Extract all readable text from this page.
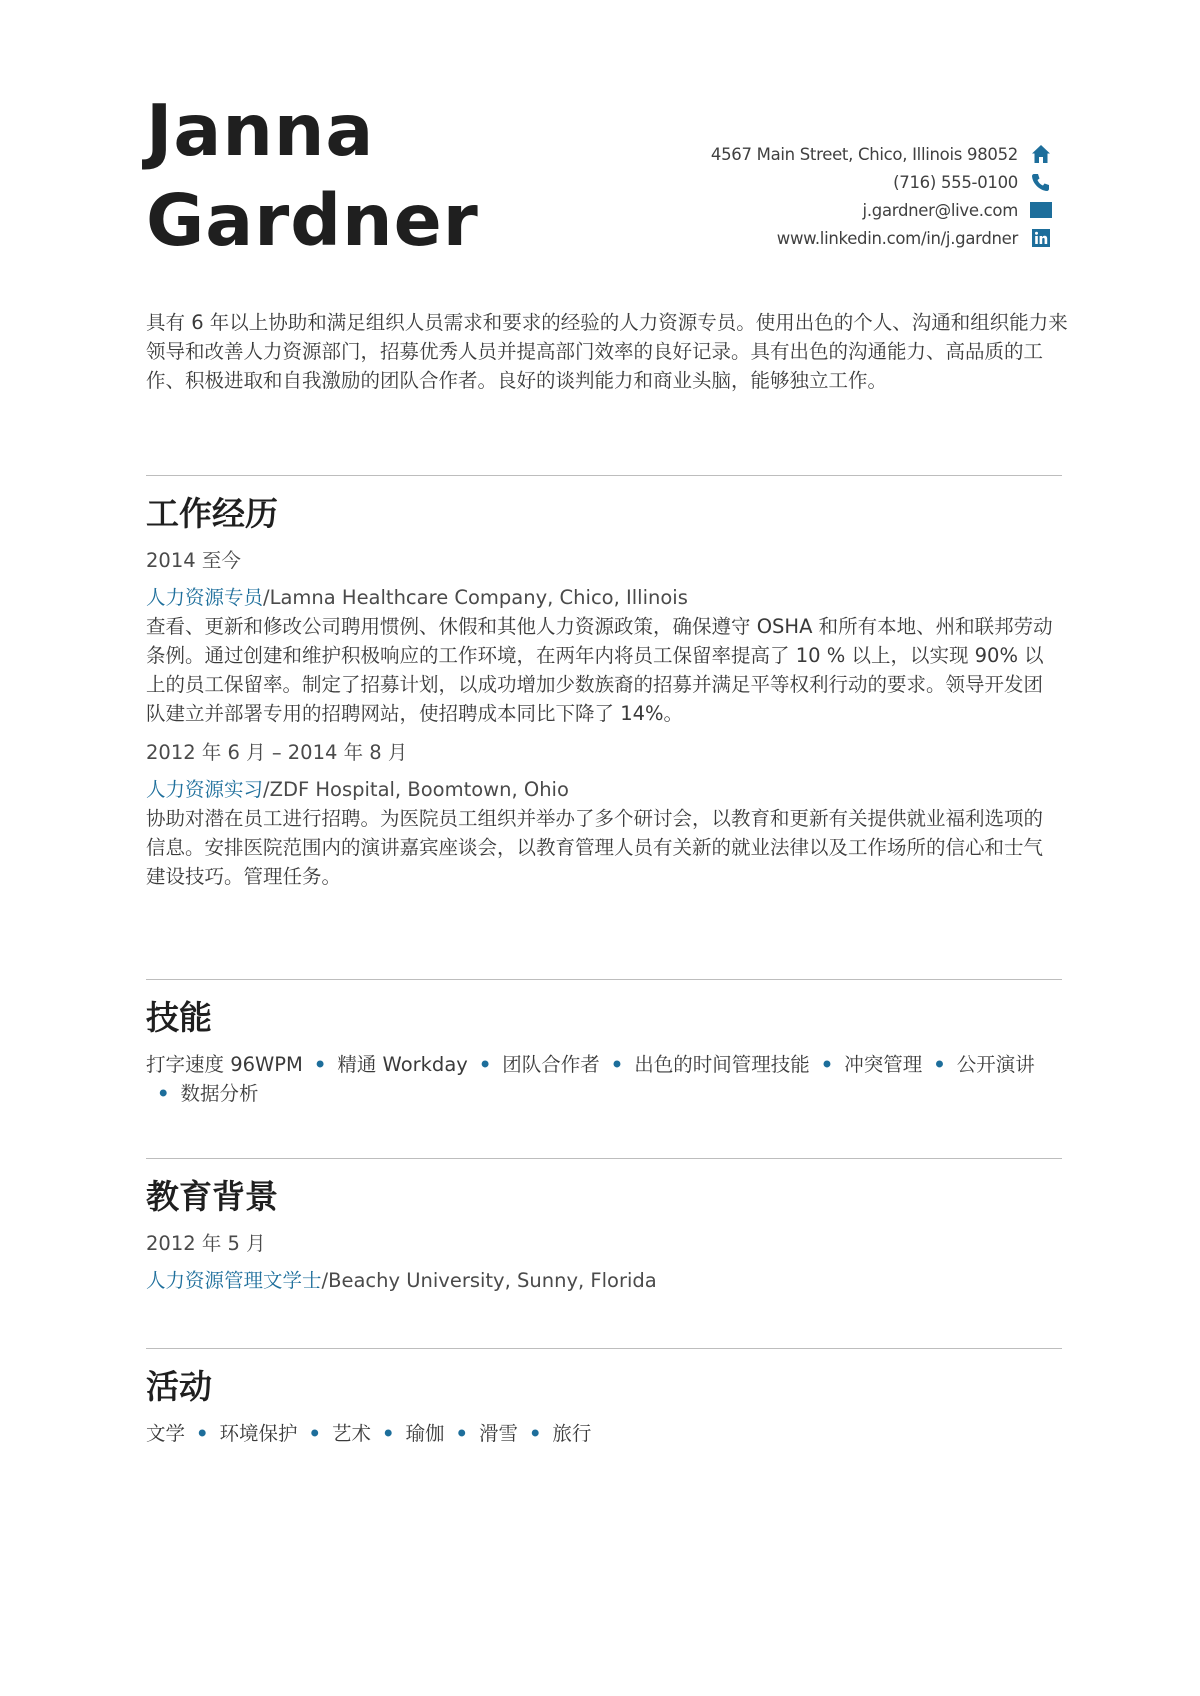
Janna
Gardner
4567 Main Street, Chico, Illinois 98052
(716) 555-0100
j.gardner@live.com
www.linkedin.com/in/j.gardner

具有 6 年以上协助和满足组织人员需求和要求的经验的人力资源专员。使用出色的个人、沟通和组织能力来领导和改善人力资源部门，招募优秀人员并提高部门效率的良好记录。具有出色的沟通能力、高品质的工作、积极进取和自我激励的团队合作者。良好的谈判能力和商业头脑，能够独立工作。

工作经历
2014 至今
人力资源专员/Lamna Healthcare Company, Chico, Illinois

查看、更新和修改公司聘用惯例、休假和其他人力资源政策，确保遵守 OSHA 和所有本地、州和联邦劳动条例。通过创建和维护积极响应的工作环境，在两年内将员工保留率提高了 10 % 以上，以实现 90% 以上的员工保留率。制定了招募计划，以成功增加少数族裔的招募并满足平等权利行动的要求。领导开发团队建立并部署专用的招聘网站，使招聘成本同比下降了 14%。

2012 年 6 月 – 2014 年 8 月
人力资源实习/ZDF Hospital, Boomtown, Ohio

协助对潜在员工进行招聘。为医院员工组织并举办了多个研讨会，以教育和更新有关提供就业福利选项的信息。安排医院范围内的演讲嘉宾座谈会，以教育管理人员有关新的就业法律以及工作场所的信心和士气建设技巧。管理任务。

技能

打字速度 96WPM • 精通 Workday • 团队合作者 • 出色的时间管理技能 • 冲突管理 • 公开演讲• 数据分析

教育背景
2012 年 5 月
人力资源管理文学士/Beachy University, Sunny, Florida
活动

文学 • 环境保护 • 艺术 • 瑜伽 • 滑雪 • 旅行
